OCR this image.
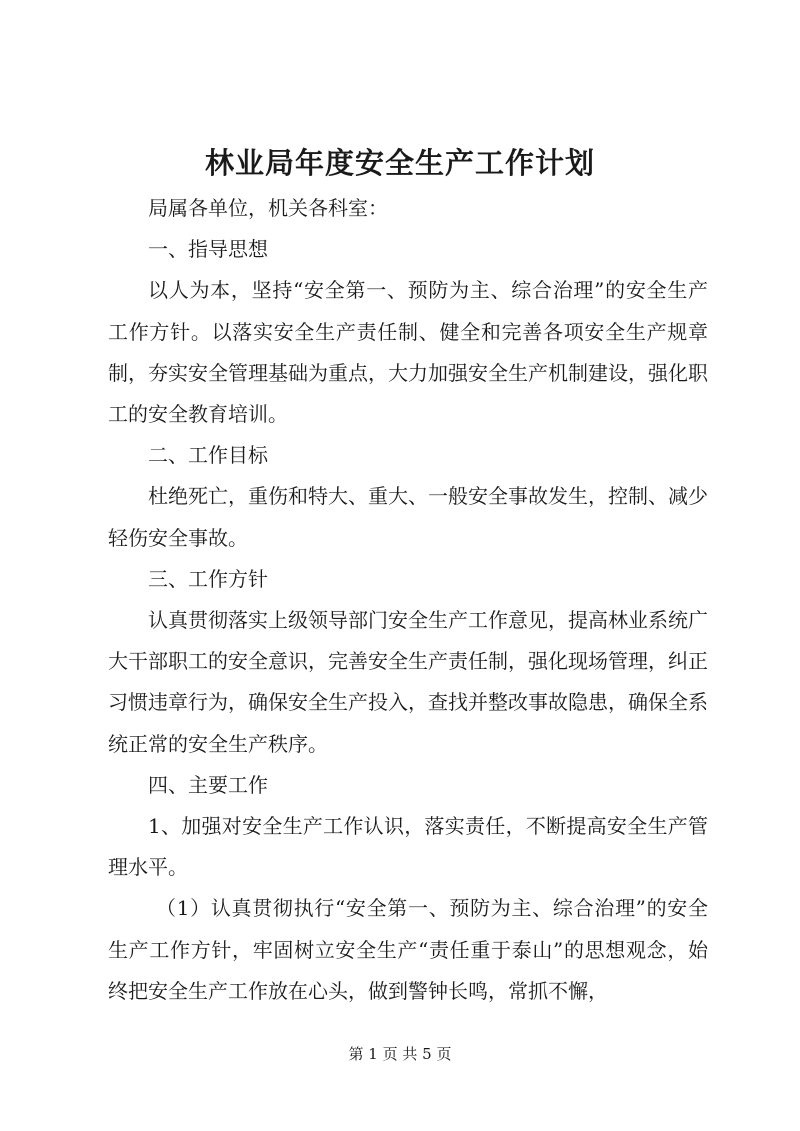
林业局年度安全生产工作计划

局属各单位，机关各科室：

一、指导思想

以人为本，坚持“安全第一、预防为主、综合治理”的安全生产工作方针。以落实安全生产责任制、健全和完善各项安全生产规章制，夯实安全管理基础为重点，大力加强安全生产机制建设，强化职工的安全教育培训。

二、工作目标

杜绝死亡，重伤和特大、重大、一般安全事故发生，控制、减少轻伤安全事故。

三、工作方针

认真贯彻落实上级领导部门安全生产工作意见，提高林业系统广大干部职工的安全意识，完善安全生产责任制，强化现场管理，纠正习惯违章行为，确保安全生产投入，查找并整改事故隐患，确保全系统正常的安全生产秩序。

四、主要工作

1、加强对安全生产工作认识，落实责任，不断提高安全生产管理水平。

（1）认真贯彻执行“安全第一、预防为主、综合治理”的安全生产工作方针，牢固树立安全生产“责任重于泰山”的思想观念，始终把安全生产工作放在心头，做到警钟长鸣，常抓不懈，

第 1 页 共 5 页
